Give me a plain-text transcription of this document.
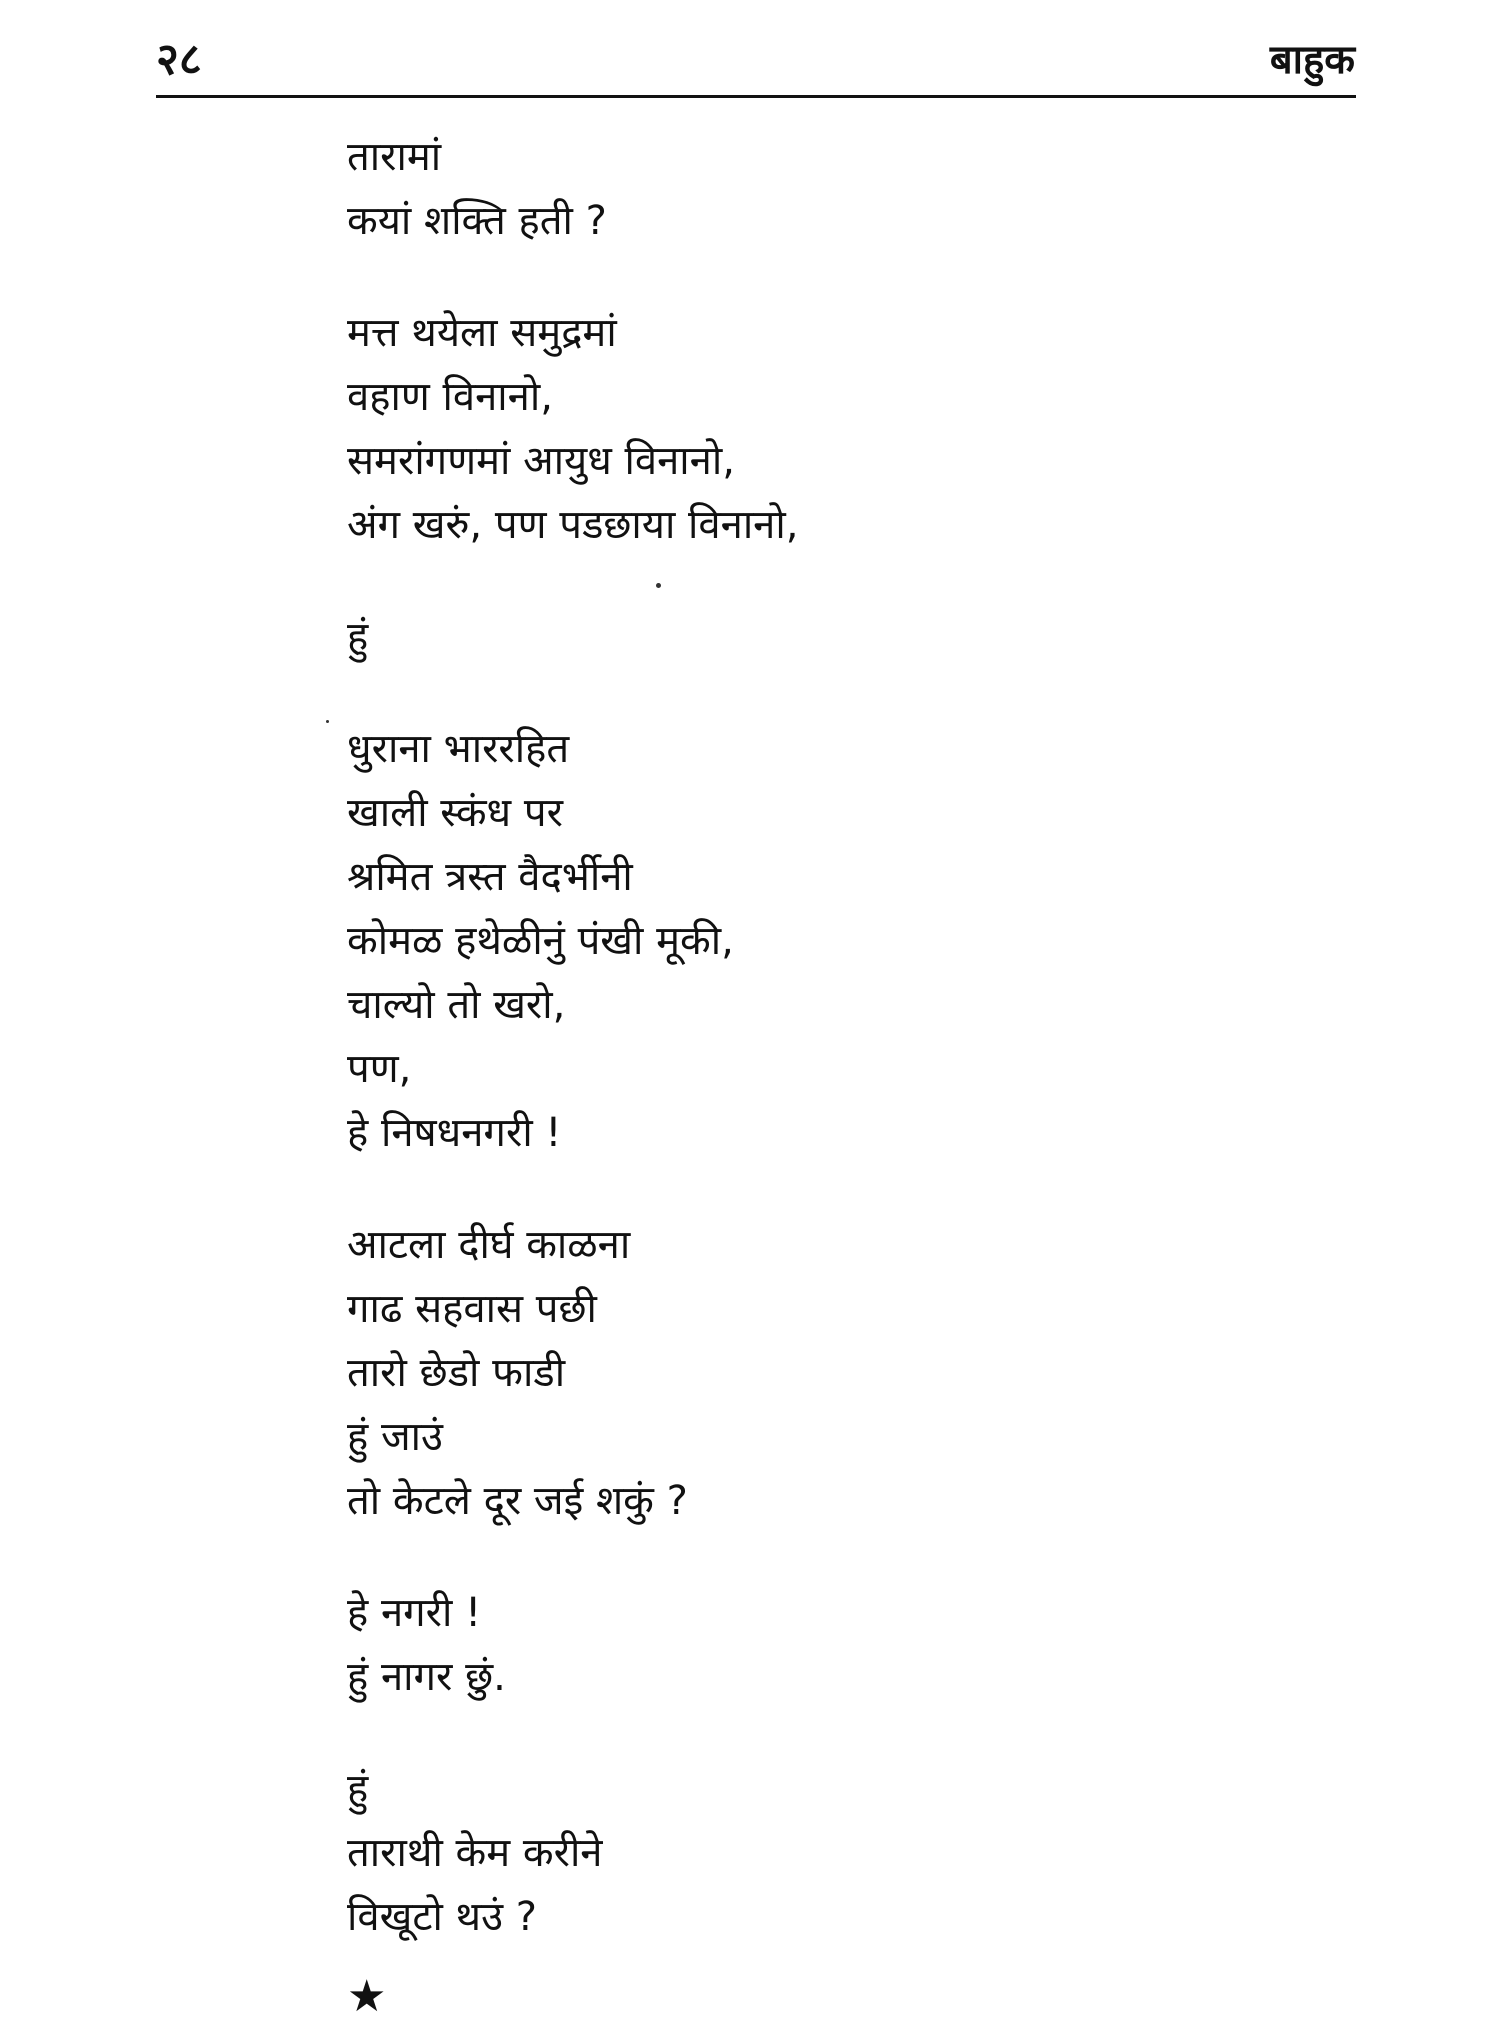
२८	बाहुक
तारामां
कयां शक्ति हती ?
मत्त थयेला समुद्रमां
वहाण विनानो,
समरांगणमां आयुध विनानो,
अंग खरुं, पण पडछाया विनानो,
हुं
धुराना भाररहित
खाली स्कंध पर
श्रमित त्रस्त वैदर्भीनी
कोमळ हथेळीनुं पंखी मूकी,
चाल्यो तो खरो,
पण,
हे निषधनगरी !
आटला दीर्घ काळना
गाढ सहवास पछी
तारो छेडो फाडी
हुं जाउं
तो केटले दूर जई शकुं ?
हे नगरी !
हुं नागर छुं.
हुं
ताराथी केम करीने
विखूटो थउं ?
★
